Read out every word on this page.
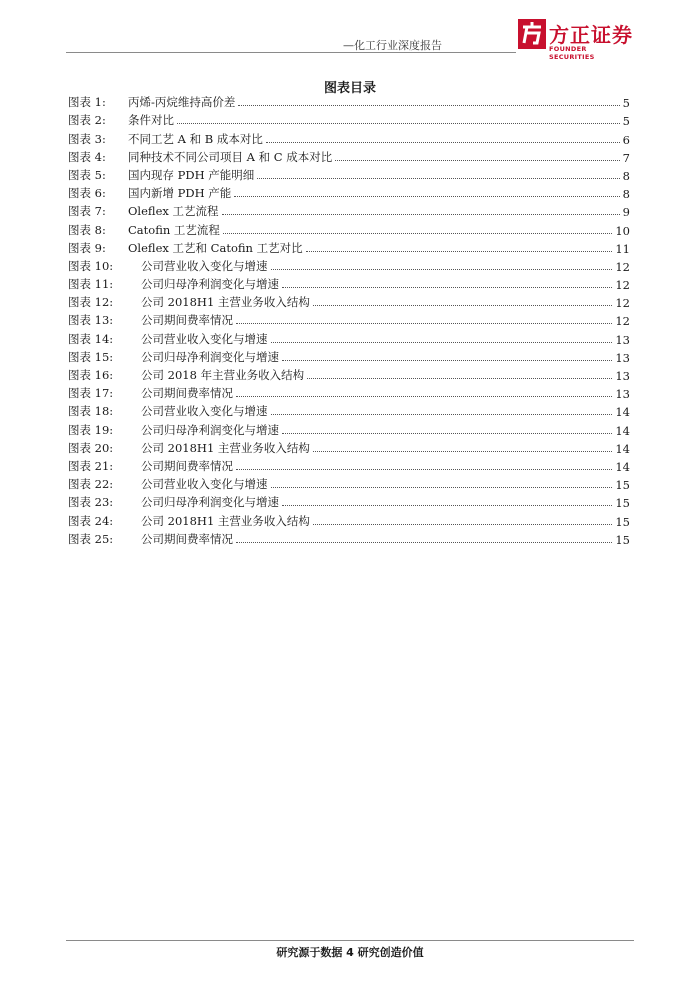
—化工行业深度报告	方正证券
FOUNDER SECURITIES
图表目录
图表 1:	丙烯-丙烷维持高价差	5
图表 2:	条件对比	5
图表 3:	不同工艺 A 和 B 成本对比	6
图表 4:	同种技术不同公司项目 A 和 C 成本对比	7
图表 5:	国内现存 PDH 产能明细	8
图表 6:	国内新增 PDH 产能	8
图表 7:	Oleflex 工艺流程	9
图表 8:	Catofin 工艺流程	10
图表 9:	Oleflex 工艺和 Catofin 工艺对比	11
图表 10:	公司营业收入变化与增速	12
图表 11:	公司归母净利润变化与增速	12
图表 12:	公司 2018H1 主营业务收入结构	12
图表 13:	公司期间费率情况	12
图表 14:	公司营业收入变化与增速	13
图表 15:	公司归母净利润变化与增速	13
图表 16:	公司 2018 年主营业务收入结构	13
图表 17:	公司期间费率情况	13
图表 18:	公司营业收入变化与增速	14
图表 19:	公司归母净利润变化与增速	14
图表 20:	公司 2018H1 主营业务收入结构	14
图表 21:	公司期间费率情况	14
图表 22:	公司营业收入变化与增速	15
图表 23:	公司归母净利润变化与增速	15
图表 24:	公司 2018H1 主营业务收入结构	15
图表 25:	公司期间费率情况	15
研究源于数据 4 研究创造价值
